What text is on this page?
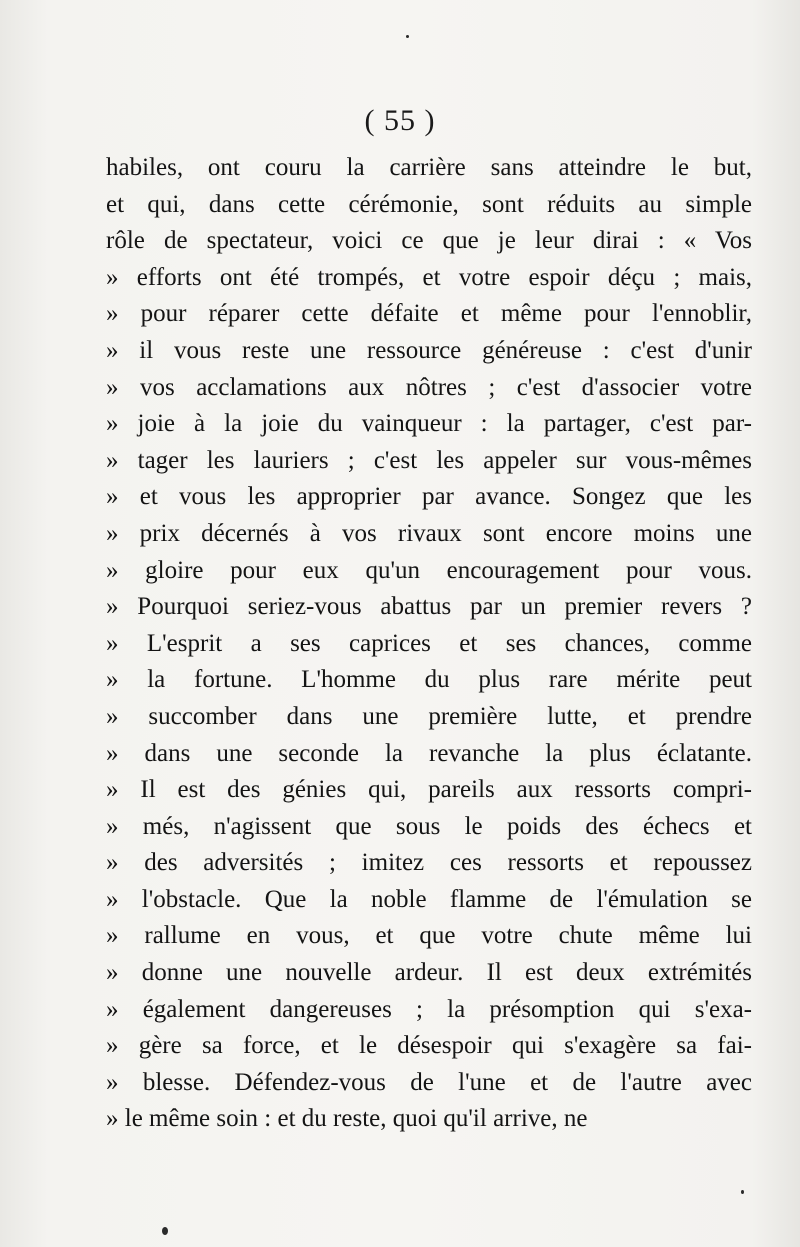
( 55 )
habiles, ont couru la carrière sans atteindre le but,
et qui, dans cette cérémonie, sont réduits au simple
rôle de spectateur, voici ce que je leur dirai : « Vos
» efforts ont été trompés, et votre espoir déçu ; mais,
» pour réparer cette défaite et même pour l'ennoblir,
» il vous reste une ressource généreuse : c'est d'unir
» vos acclamations aux nôtres ; c'est d'associer votre
» joie à la joie du vainqueur : la partager, c'est par-
» tager les lauriers ; c'est les appeler sur vous-mêmes
» et vous les approprier par avance. Songez que les
» prix décernés à vos rivaux sont encore moins une
» gloire pour eux qu'un encouragement pour vous.
» Pourquoi seriez-vous abattus par un premier revers ?
» L'esprit a ses caprices et ses chances, comme
» la fortune. L'homme du plus rare mérite peut
» succomber dans une première lutte, et prendre
» dans une seconde la revanche la plus éclatante.
» Il est des génies qui, pareils aux ressorts compri-
» més, n'agissent que sous le poids des échecs et
» des adversités ; imitez ces ressorts et repoussez
» l'obstacle. Que la noble flamme de l'émulation se
» rallume en vous, et que votre chute même lui
» donne une nouvelle ardeur. Il est deux extrémités
» également dangereuses ; la présomption qui s'exa-
» gère sa force, et le désespoir qui s'exagère sa fai-
» blesse. Défendez-vous de l'une et de l'autre avec
» le même soin : et du reste, quoi qu'il arrive, ne
